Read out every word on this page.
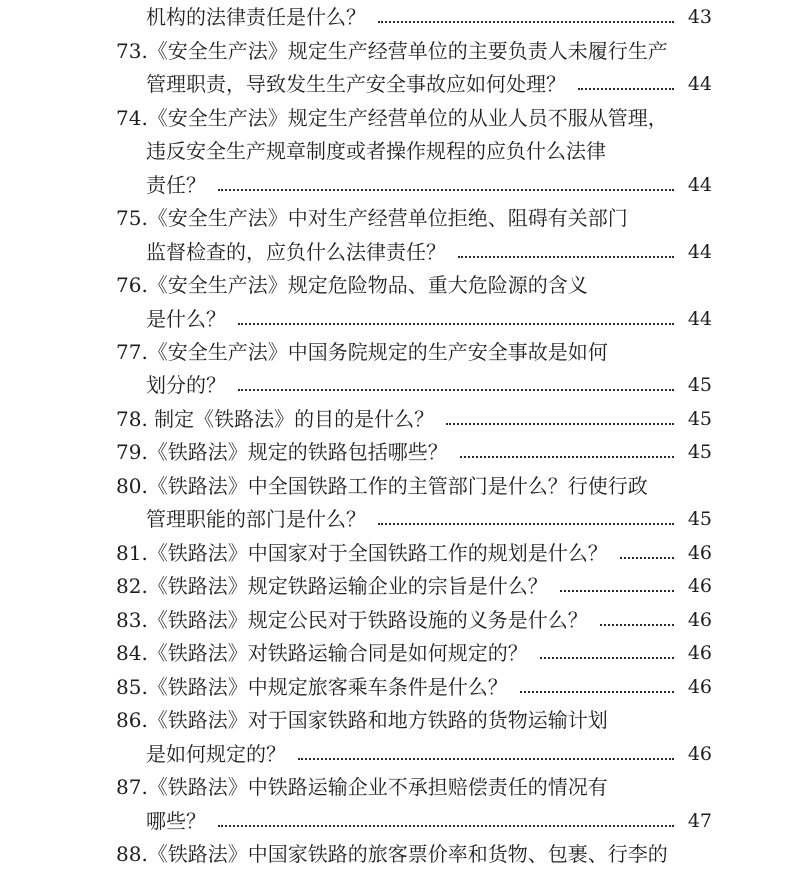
机构的法律责任是什么？	43
73.《安全生产法》规定生产经营单位的主要负责人未履行生产
管理职责，导致发生生产安全事故应如何处理？	44
74.《安全生产法》规定生产经营单位的从业人员不服从管理，
违反安全生产规章制度或者操作规程的应负什么法律
责任？	44
75.《安全生产法》中对生产经营单位拒绝、阻碍有关部门
监督检查的，应负什么法律责任？	44
76.《安全生产法》规定危险物品、重大危险源的含义
是什么？	44
77.《安全生产法》中国务院规定的生产安全事故是如何
划分的？	45
78. 制定《铁路法》的目的是什么？	45
79.《铁路法》规定的铁路包括哪些？	45
80.《铁路法》中全国铁路工作的主管部门是什么？行使行政
管理职能的部门是什么？	45
81.《铁路法》中国家对于全国铁路工作的规划是什么？	46
82.《铁路法》规定铁路运输企业的宗旨是什么？	46
83.《铁路法》规定公民对于铁路设施的义务是什么？	46
84.《铁路法》对铁路运输合同是如何规定的？	46
85.《铁路法》中规定旅客乘车条件是什么？	46
86.《铁路法》对于国家铁路和地方铁路的货物运输计划
是如何规定的？	46
87.《铁路法》中铁路运输企业不承担赔偿责任的情况有
哪些？	47
88.《铁路法》中国家铁路的旅客票价率和货物、包裹、行李的
